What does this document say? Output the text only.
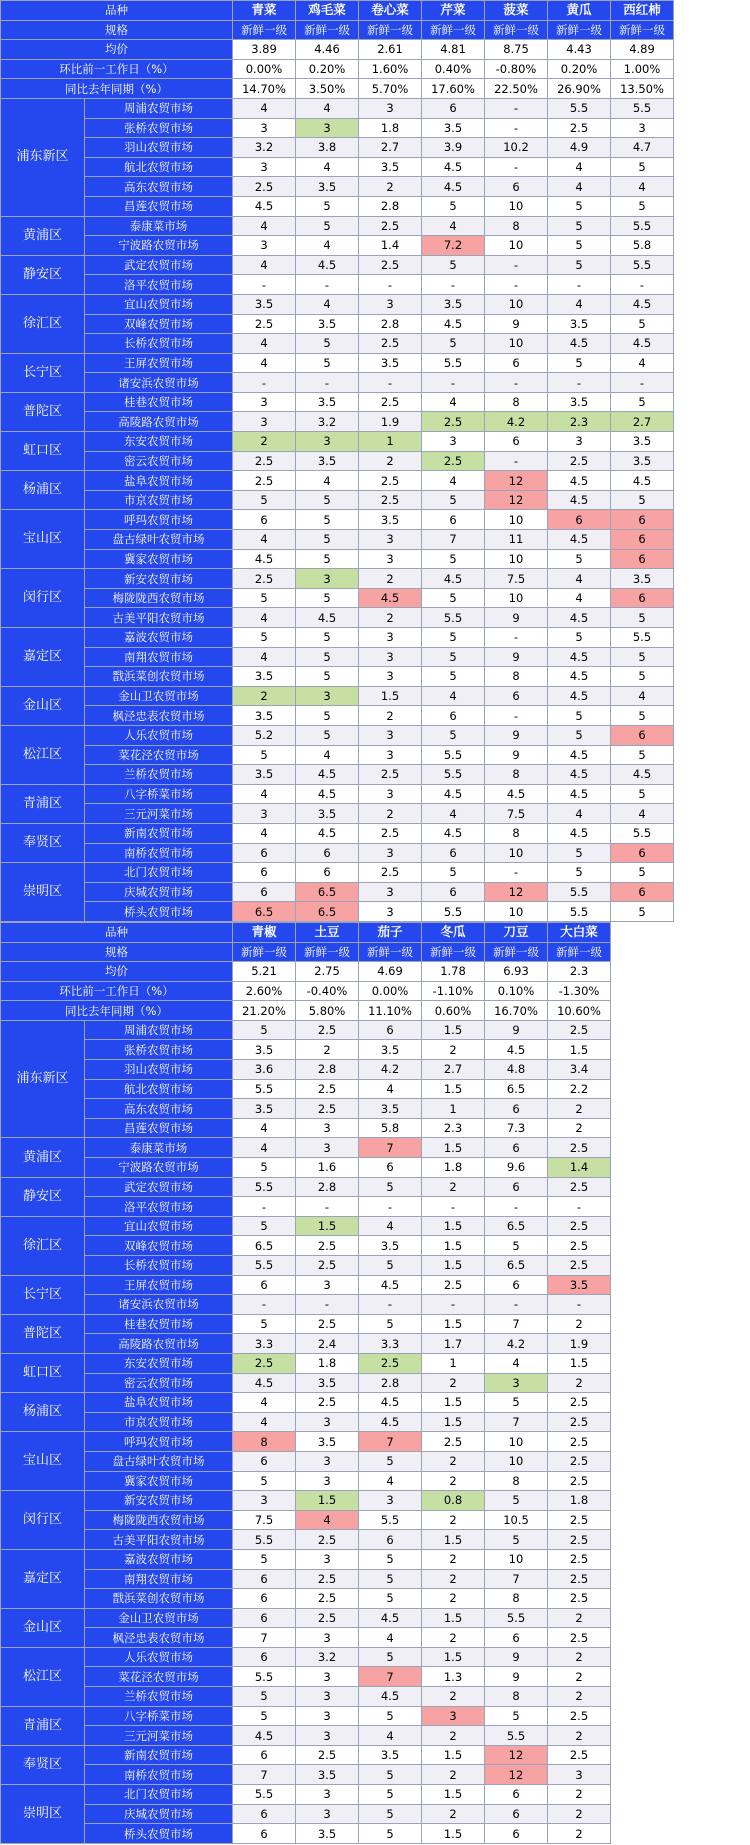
品种		青菜	鸡毛菜	卷心菜	芹菜	菠菜	黄瓜	西红柿
规格		新鲜一级	新鲜一级	新鲜一级	新鲜一级	新鲜一级	新鲜一级	新鲜一级
均价		3.89	4.46	2.61	4.81	8.75	4.43	4.89
环比前一工作日（%）		0.00%	0.20%	1.60%	0.40%	-0.80%	0.20%	1.00%
同比去年同期（%）		14.70%	3.50%	5.70%	17.60%	22.50%	26.90%	13.50%
浦东新区	周浦农贸市场	4	4	3	6	-	5.5	5.5
	张桥农贸市场	3	3	1.8	3.5	-	2.5	3
	羽山农贸市场	3.2	3.8	2.7	3.9	10.2	4.9	4.7
	航北农贸市场	3	4	3.5	4.5	-	4	5
	高东农贸市场	2.5	3.5	2	4.5	6	4	4
	昌莲农贸市场	4.5	5	2.8	5	10	5	5
黄浦区	泰康菜市场	4	5	2.5	4	8	5	5.5
	宁波路农贸市场	3	4	1.4	7.2	10	5	5.8
静安区	武定农贸市场	4	4.5	2.5	5	-	5	5.5
	洛平农贸市场	-	-	-	-	-	-	-
徐汇区	宜山农贸市场	3.5	4	3	3.5	10	4	4.5
	双峰农贸市场	2.5	3.5	2.8	4.5	9	3.5	5
	长桥农贸市场	4	5	2.5	5	10	4.5	4.5
长宁区	王屏农贸市场	4	5	3.5	5.5	6	5	4
	诸安浜农贸市场	-	-	-	-	-	-	-
普陀区	桂巷农贸市场	3	3.5	2.5	4	8	3.5	5
	高陵路农贸市场	3	3.2	1.9	2.5	4.2	2.3	2.7
虹口区	东安农贸市场	2	3	1	3	6	3	3.5
	密云农贸市场	2.5	3.5	2	2.5	-	2.5	3.5
杨浦区	盐阜农贸市场	2.5	4	2.5	4	12	4.5	4.5
	市京农贸市场	5	5	2.5	5	12	4.5	5
宝山区	呼玛农贸市场	6	5	3.5	6	10	6	6
	盘古绿叶农贸市场	4	5	3	7	11	4.5	6
	冀家农贸市场	4.5	5	3	5	10	5	6
闵行区	新安农贸市场	2.5	3	2	4.5	7.5	4	3.5
	梅陇陇西农贸市场	5	5	4.5	5	10	4	6
	古美平阳农贸市场	4	4.5	2	5.5	9	4.5	5
嘉定区	嘉波农贸市场	5	5	3	5	-	5	5.5
	南翔农贸市场	4	5	3	5	9	4.5	5
	戬浜菜创农贸市场	3.5	5	3	5	8	4.5	5
金山区	金山卫农贸市场	2	3	1.5	4	6	4.5	4
	枫泾忠表农贸市场	3.5	5	2	6	-	5	5
松江区	人乐农贸市场	5.2	5	3	5	9	5	6
	菜花泾农贸市场	5	4	3	5.5	9	4.5	5
	兰桥农贸市场	3.5	4.5	2.5	5.5	8	4.5	4.5
青浦区	八字桥菜市场	4	4.5	3	4.5	4.5	4.5	5
	三元河菜市场	3	3.5	2	4	7.5	4	4
奉贤区	新南农贸市场	4	4.5	2.5	4.5	8	4.5	5.5
	南桥农贸市场	6	6	3	6	10	5	6
崇明区	北门农贸市场	6	6	2.5	5	-	5	5
	庆城农贸市场	6	6.5	3	6	12	5.5	6
	桥头农贸市场	6.5	6.5	3	5.5	10	5.5	5
品种		青椒	土豆	茄子	冬瓜	刀豆	大白菜
规格		新鲜一级	新鲜一级	新鲜一级	新鲜一级	新鲜一级	新鲜一级
均价		5.21	2.75	4.69	1.78	6.93	2.3
环比前一工作日（%）		2.60%	-0.40%	0.00%	-1.10%	0.10%	-1.30%
同比去年同期（%）		21.20%	5.80%	11.10%	0.60%	16.70%	10.60%
浦东新区	周浦农贸市场	5	2.5	6	1.5	9	2.5
	张桥农贸市场	3.5	2	3.5	2	4.5	1.5
	羽山农贸市场	3.6	2.8	4.2	2.7	4.8	3.4
	航北农贸市场	5.5	2.5	4	1.5	6.5	2.2
	高东农贸市场	3.5	2.5	3.5	1	6	2
	昌莲农贸市场	4	3	5.8	2.3	7.3	2
黄浦区	泰康菜市场	4	3	7	1.5	6	2.5
	宁波路农贸市场	5	1.6	6	1.8	9.6	1.4
静安区	武定农贸市场	5.5	2.8	5	2	6	2.5
	洛平农贸市场	-	-	-	-	-	-
徐汇区	宜山农贸市场	5	1.5	4	1.5	6.5	2.5
	双峰农贸市场	6.5	2.5	3.5	1.5	5	2.5
	长桥农贸市场	5.5	2.5	5	1.5	6.5	2.5
长宁区	王屏农贸市场	6	3	4.5	2.5	6	3.5
	诸安浜农贸市场	-	-	-	-	-	-
普陀区	桂巷农贸市场	5	2.5	5	1.5	7	2
	高陵路农贸市场	3.3	2.4	3.3	1.7	4.2	1.9
虹口区	东安农贸市场	2.5	1.8	2.5	1	4	1.5
	密云农贸市场	4.5	3.5	2.8	2	3	2
杨浦区	盐阜农贸市场	4	2.5	4.5	1.5	5	2.5
	市京农贸市场	4	3	4.5	1.5	7	2.5
宝山区	呼玛农贸市场	8	3.5	7	2.5	10	2.5
	盘古绿叶农贸市场	6	3	5	2	10	2.5
	冀家农贸市场	5	3	4	2	8	2.5
闵行区	新安农贸市场	3	1.5	3	0.8	5	1.8
	梅陇陇西农贸市场	7.5	4	5.5	2	10.5	2.5
	古美平阳农贸市场	5.5	2.5	6	1.5	5	2.5
嘉定区	嘉波农贸市场	5	3	5	2	10	2.5
	南翔农贸市场	6	2.5	5	2	7	2.5
	戬浜菜创农贸市场	6	2.5	5	2	8	2.5
金山区	金山卫农贸市场	6	2.5	4.5	1.5	5.5	2
	枫泾忠表农贸市场	7	3	4	2	6	2.5
松江区	人乐农贸市场	6	3.2	5	1.5	9	2
	菜花泾农贸市场	5.5	3	7	1.3	9	2
	兰桥农贸市场	5	3	4.5	2	8	2
青浦区	八字桥菜市场	5	3	5	3	5	2.5
	三元河菜市场	4.5	3	4	2	5.5	2
奉贤区	新南农贸市场	6	2.5	3.5	1.5	12	2.5
	南桥农贸市场	7	3.5	5	2	12	3
崇明区	北门农贸市场	5.5	3	5	1.5	6	2
	庆城农贸市场	6	3	5	2	6	2
	桥头农贸市场	6	3.5	5	1.5	6	2
